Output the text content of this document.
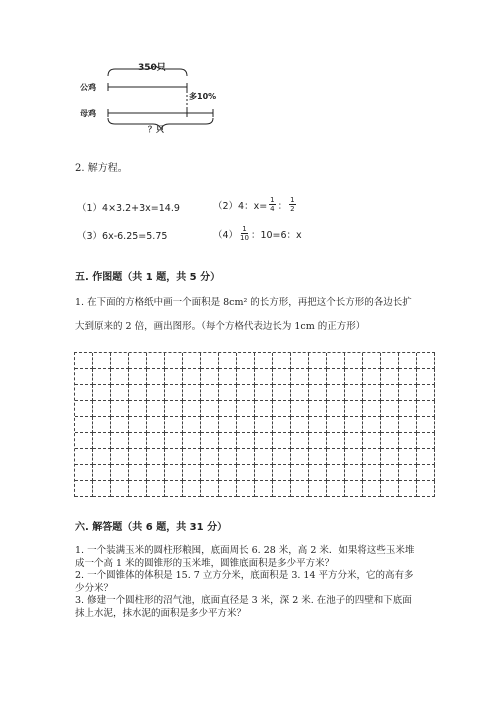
350只
公鸡
母鸡
多10%
？只
2. 解方程。
（1）4×3.2+3x=14.9	（2）4：$x= \frac{1}{4}$ ： $\frac{1}{2}$
（3）6x-6.25=5.75	$(4) \frac{1}{10}$ ：10=6：x
五. 作图题（共 1 题，共 5 分）
1. 在下面的方格纸中画一个面积是 8cm² 的长方形，再把这个长方形的各边长扩
大到原来的 2 倍，画出图形。（每个方格代表边长为 1cm 的正方形）
六. 解答题（共 6 题，共 31 分）
1. 一个装满玉米的圆柱形粮囤，底面周长 6. 28 米，高 2 米．如果将这些玉米堆
成一个高 1 米的圆锥形的玉米堆，圆锥底面积是多少平方米？
2. 一个圆锥体的体积是 15. 7 立方分米，底面积是 3. 14 平方分米，它的高有多
少分米？
3. 修建一个圆柱形的沼气池，底面直径是 3 米，深 2 米. 在池子的四壁和下底面
抹上水泥，抹水泥的面积是多少平方米？
